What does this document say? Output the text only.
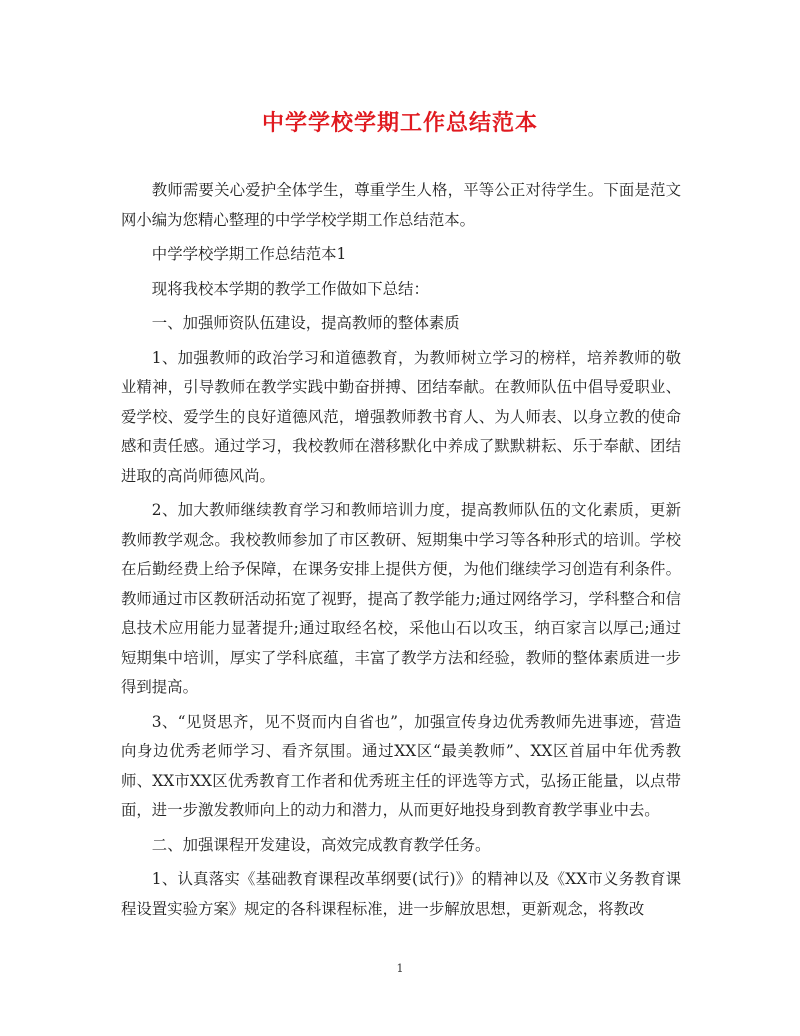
中学学校学期工作总结范本

教师需要关心爱护全体学生，尊重学生人格，平等公正对待学生。下面是范文网小编为您精心整理的中学学校学期工作总结范本。

中学学校学期工作总结范本1

现将我校本学期的教学工作做如下总结：

一、加强师资队伍建设，提高教师的整体素质

1、加强教师的政治学习和道德教育，为教师树立学习的榜样，培养教师的敬业精神，引导教师在教学实践中勤奋拼搏、团结奉献。在教师队伍中倡导爱职业、爱学校、爱学生的良好道德风范，增强教师教书育人、为人师表、以身立教的使命感和责任感。通过学习，我校教师在潜移默化中养成了默默耕耘、乐于奉献、团结进取的高尚师德风尚。

2、加大教师继续教育学习和教师培训力度，提高教师队伍的文化素质，更新教师教学观念。我校教师参加了市区教研、短期集中学习等各种形式的培训。学校在后勤经费上给予保障，在课务安排上提供方便，为他们继续学习创造有利条件。教师通过市区教研活动拓宽了视野，提高了教学能力;通过网络学习，学科整合和信息技术应用能力显著提升;通过取经名校，采他山石以攻玉，纳百家言以厚己;通过短期集中培训，厚实了学科底蕴，丰富了教学方法和经验，教师的整体素质进一步得到提高。

3、“见贤思齐，见不贤而内自省也”，加强宣传身边优秀教师先进事迹，营造向身边优秀老师学习、看齐氛围。通过XX区“最美教师”、XX区首届中年优秀教师、XX市XX区优秀教育工作者和优秀班主任的评选等方式，弘扬正能量，以点带面，进一步激发教师向上的动力和潜力，从而更好地投身到教育教学事业中去。

二、加强课程开发建设，高效完成教育教学任务。

1、认真落实《基础教育课程改革纲要(试行)》的精神以及《XX市义务教育课程设置实验方案》规定的各科课程标准，进一步解放思想，更新观念，将教改

1
